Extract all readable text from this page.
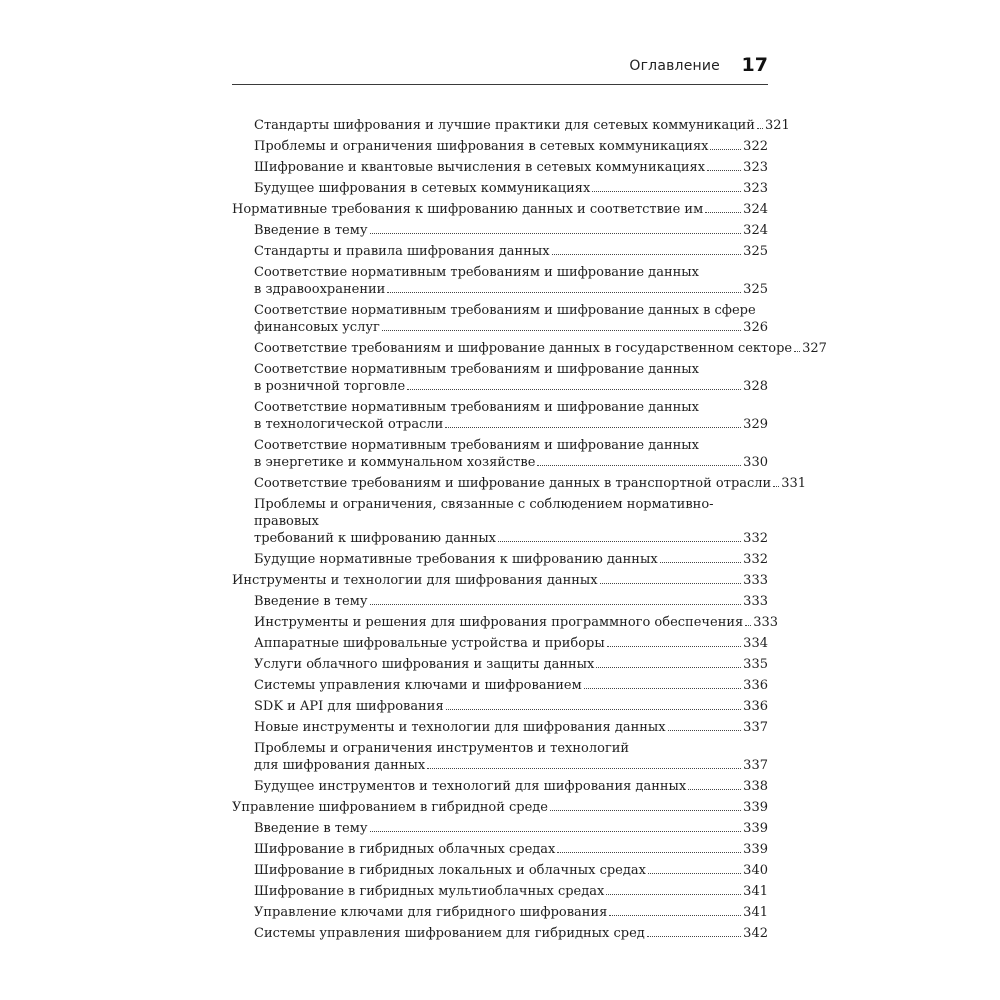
Оглавление 17
Стандарты шифрования и лучшие практики для сетевых коммуникаций 321
Проблемы и ограничения шифрования в сетевых коммуникациях	322
Шифрование и квантовые вычисления в сетевых коммуникациях	323
Будущее шифрования в сетевых коммуникациях	323
Нормативные требования к шифрованию данных и соответствие им	324
Введение в тему	324
Стандарты и правила шифрования данных	325
Соответствие нормативным требованиям и шифрование данных
в здравоохранении	325
Соответствие нормативным требованиям и шифрование данных в сфере
финансовых услуг	326
Соответствие требованиям и шифрование данных в государственном секторе 327
Соответствие нормативным требованиям и шифрование данных
в розничной торговле	328
Соответствие нормативным требованиям и шифрование данных
в технологической отрасли	329
Соответствие нормативным требованиям и шифрование данных
в энергетике и коммунальном хозяйстве	330
Соответствие требованиям и шифрование данных в транспортной отрасли 331
Проблемы и ограничения, связанные с соблюдением нормативно-правовых
требований к шифрованию данных	332
Будущие нормативные требования к шифрованию данных	332
Инструменты и технологии для шифрования данных	333
Введение в тему	333
Инструменты и решения для шифрования программного обеспечения 333
Аппаратные шифровальные устройства и приборы	334
Услуги облачного шифрования и защиты данных	335
Системы управления ключами и шифрованием	336
SDK и API для шифрования	336
Новые инструменты и технологии для шифрования данных	337
Проблемы и ограничения инструментов и технологий
для шифрования данных	337
Будущее инструментов и технологий для шифрования данных	338
Управление шифрованием в гибридной среде	339
Введение в тему	339
Шифрование в гибридных облачных средах	339
Шифрование в гибридных локальных и облачных средах	340
Шифрование в гибридных мультиоблачных средах	341
Управление ключами для гибридного шифрования	341
Системы управления шифрованием для гибридных сред	342
